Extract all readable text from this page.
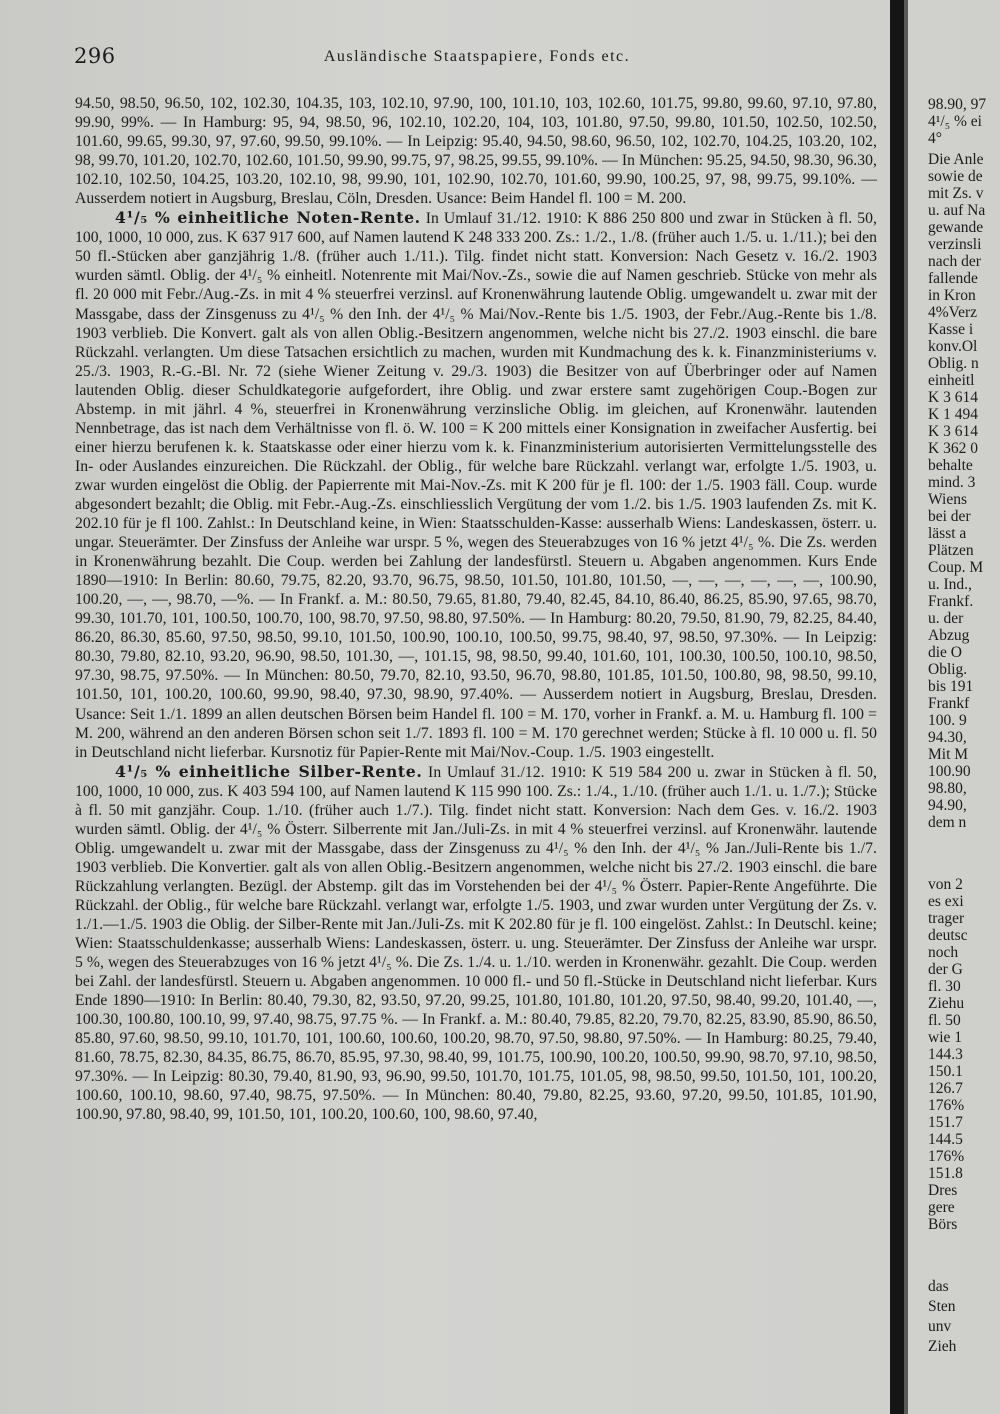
296	Ausländische Staatspapiere, Fonds etc.

94.50, 98.50, 96.50, 102, 102.30, 104.35, 103, 102.10, 97.90, 100, 101.10, 103, 102.60, 101.75, 99.80, 99.60, 97.10, 97.80, 99.90, 99%. — In Hamburg: 95, 94, 98.50, 96, 102.10, 102.20, 104, 103, 101.80, 97.50, 99.80, 101.50, 102.50, 102.50, 101.60, 99.65, 99.30, 97, 97.60, 99.50, 99.10%. — In Leipzig: 95.40, 94.50, 98.60, 96.50, 102, 102.70, 104.25, 103.20, 102, 98, 99.70, 101.20, 102.70, 102.60, 101.50, 99.90, 99.75, 97, 98.25, 99.55, 99.10%. — In München: 95.25, 94.50, 98.30, 96.30, 102.10, 102.50, 104.25, 103.20, 102.10, 98, 99.90, 101, 102.90, 102.70, 101.60, 99.90, 100.25, 97, 98, 99.75, 99.10%. — Ausserdem notiert in Augsburg, Breslau, Cöln, Dresden. Usance: Beim Handel fl. 100 = M. 200.

4¹/₅ % einheitliche Noten-Rente. In Umlauf 31./12. 1910: K 886 250 800 und zwar in Stücken à fl. 50, 100, 1000, 10 000, zus. K 637 917 600, auf Namen lautend K 248 333 200. Zs.: 1./2., 1./8. (früher auch 1./5. u. 1./11.); bei den 50 fl.-Stücken aber ganzjährig 1./8. (früher auch 1./11.). Tilg. findet nicht statt. Konversion: Nach Gesetz v. 16./2. 1903 wurden sämtl. Oblig. der 4¹/₅ % einheitl. Notenrente mit Mai/Nov.-Zs., sowie die auf Namen geschrieb. Stücke von mehr als fl. 20 000 mit Febr./Aug.-Zs. in mit 4 % steuerfrei verzinsl. auf Kronenwährung lautende Oblig. umgewandelt u. zwar mit der Massgabe, dass der Zinsgenuss zu 4¹/₅ % den Inh. der 4¹/₅ % Mai/Nov.-Rente bis 1./5. 1903, der Febr./Aug.-Rente bis 1./8. 1903 verblieb. Die Konvert. galt als von allen Oblig.-Besitzern angenommen, welche nicht bis 27./2. 1903 einschl. die bare Rückzahl. verlangten. Um diese Tatsachen ersichtlich zu machen, wurden mit Kundmachung des k. k. Finanzministeriums v. 25./3. 1903, R.-G.-Bl. Nr. 72 (siehe Wiener Zeitung v. 29./3. 1903) die Besitzer von auf Überbringer oder auf Namen lautenden Oblig. dieser Schuldkategorie aufgefordert, ihre Oblig. und zwar erstere samt zugehörigen Coup.-Bogen zur Abstemp. in mit jährl. 4 %, steuerfrei in Kronenwährung verzinsliche Oblig. im gleichen, auf Kronenwähr. lautenden Nennbetrage, das ist nach dem Verhältnisse von fl. ö. W. 100 = K 200 mittels einer Konsignation in zweifacher Ausfertig. bei einer hierzu berufenen k. k. Staatskasse oder einer hierzu vom k. k. Finanzministerium autorisierten Vermittelungsstelle des In- oder Auslandes einzureichen. Die Rückzahl. der Oblig., für welche bare Rückzahl. verlangt war, erfolgte 1./5. 1903, u. zwar wurden eingelöst die Oblig. der Papierrente mit Mai-Nov.-Zs. mit K 200 für je fl. 100: der 1./5. 1903 fäll. Coup. wurde abgesondert bezahlt; die Oblig. mit Febr.-Aug.-Zs. einschliesslich Vergütung der vom 1./2. bis 1./5. 1903 laufenden Zs. mit K. 202.10 für je fl 100. Zahlst.: In Deutschland keine, in Wien: Staatsschulden-Kasse: ausserhalb Wiens: Landeskassen, österr. u. ungar. Steuerämter. Der Zinsfuss der Anleihe war urspr. 5 %, wegen des Steuerabzuges von 16 % jetzt 4¹/₅ %. Die Zs. werden in Kronenwährung bezahlt. Die Coup. werden bei Zahlung der landesfürstl. Steuern u. Abgaben angenommen. Kurs Ende 1890—1910: In Berlin: 80.60, 79.75, 82.20, 93.70, 96.75, 98.50, 101.50, 101.80, 101.50, —, —, —, —, —, —, 100.90, 100.20, —, —, 98.70, —%. — In Frankf. a. M.: 80.50, 79.65, 81.80, 79.40, 82.45, 84.10, 86.40, 86.25, 85.90, 97.65, 98.70, 99.30, 101.70, 101, 100.50, 100.70, 100, 98.70, 97.50, 98.80, 97.50%. — In Hamburg: 80.20, 79.50, 81.90, 79, 82.25, 84.40, 86.20, 86.30, 85.60, 97.50, 98.50, 99.10, 101.50, 100.90, 100.10, 100.50, 99.75, 98.40, 97, 98.50, 97.30%. — In Leipzig: 80.30, 79.80, 82.10, 93.20, 96.90, 98.50, 101.30, —, 101.15, 98, 98.50, 99.40, 101.60, 101, 100.30, 100.50, 100.10, 98.50, 97.30, 98.75, 97.50%. — In München: 80.50, 79.70, 82.10, 93.50, 96.70, 98.80, 101.85, 101.50, 100.80, 98, 98.50, 99.10, 101.50, 101, 100.20, 100.60, 99.90, 98.40, 97.30, 98.90, 97.40%. — Ausserdem notiert in Augsburg, Breslau, Dresden. Usance: Seit 1./1. 1899 an allen deutschen Börsen beim Handel fl. 100 = M. 170, vorher in Frankf. a. M. u. Hamburg fl. 100 = M. 200, während an den anderen Börsen schon seit 1./7. 1893 fl. 100 = M. 170 gerechnet werden; Stücke à fl. 10 000 u. fl. 50 in Deutschland nicht lieferbar. Kursnotiz für Papier-Rente mit Mai/Nov.-Coup. 1./5. 1903 eingestellt.

4¹/₅ % einheitliche Silber-Rente. In Umlauf 31./12. 1910: K 519 584 200 u. zwar in Stücken à fl. 50, 100, 1000, 10 000, zus. K 403 594 100, auf Namen lautend K 115 990 100. Zs.: 1./4., 1./10. (früher auch 1./1. u. 1./7.); Stücke à fl. 50 mit ganzjähr. Coup. 1./10. (früher auch 1./7.). Tilg. findet nicht statt. Konversion: Nach dem Ges. v. 16./2. 1903 wurden sämtl. Oblig. der 4¹/₅ % Österr. Silberrente mit Jan./Juli-Zs. in mit 4 % steuerfrei verzinsl. auf Kronenwähr. lautende Oblig. umgewandelt u. zwar mit der Massgabe, dass der Zinsgenuss zu 4¹/₅ % den Inh. der 4¹/₅ % Jan./Juli-Rente bis 1./7. 1903 verblieb. Die Konvertier. galt als von allen Oblig.-Besitzern angenommen, welche nicht bis 27./2. 1903 einschl. die bare Rückzahlung verlangten. Bezügl. der Abstemp. gilt das im Vorstehenden bei der 4¹/₅ % Österr. Papier-Rente Angeführte. Die Rückzahl. der Oblig., für welche bare Rückzahl. verlangt war, erfolgte 1./5. 1903, und zwar wurden unter Vergütung der Zs. v. 1./1.—1./5. 1903 die Oblig. der Silber-Rente mit Jan./Juli-Zs. mit K 202.80 für je fl. 100 eingelöst. Zahlst.: In Deutschl. keine; Wien: Staatsschuldenkasse; ausserhalb Wiens: Landeskassen, österr. u. ung. Steuerämter. Der Zinsfuss der Anleihe war urspr. 5 %, wegen des Steuerabzuges von 16 % jetzt 4¹/₅ %. Die Zs. 1./4. u. 1./10. werden in Kronenwähr. gezahlt. Die Coup. werden bei Zahl. der landesfürstl. Steuern u. Abgaben angenommen. 10 000 fl.- und 50 fl.-Stücke in Deutschland nicht lieferbar. Kurs Ende 1890—1910: In Berlin: 80.40, 79.30, 82, 93.50, 97.20, 99.25, 101.80, 101.80, 101.20, 97.50, 98.40, 99.20, 101.40, —, 100.30, 100.80, 100.10, 99, 97.40, 98.75, 97.75 %. — In Frankf. a. M.: 80.40, 79.85, 82.20, 79.70, 82.25, 83.90, 85.90, 86.50, 85.80, 97.60, 98.50, 99.10, 101.70, 101, 100.60, 100.60, 100.20, 98.70, 97.50, 98.80, 97.50%. — In Hamburg: 80.25, 79.40, 81.60, 78.75, 82.30, 84.35, 86.75, 86.70, 85.95, 97.30, 98.40, 99, 101.75, 100.90, 100.20, 100.50, 99.90, 98.70, 97.10, 98.50, 97.30%. — In Leipzig: 80.30, 79.40, 81.90, 93, 96.90, 99.50, 101.70, 101.75, 101.05, 98, 98.50, 99.50, 101.50, 101, 100.20, 100.60, 100.10, 98.60, 97.40, 98.75, 97.50%. — In München: 80.40, 79.80, 82.25, 93.60, 97.20, 99.50, 101.85, 101.90, 100.90, 97.80, 98.40, 99, 101.50, 101, 100.20, 100.60, 100, 98.60, 97.40,

98.90, 97
4¹/₅ % ei
4°
Die Anle
sowie de
mit Zs. v
u. auf Na
gewande
verzinsli
nach der
fallende
in Kron
4%Verz
Kasse i
konv.Ol
Oblig. n
einheitl
K 3 614
K 1 494
K 3 614
K 362 0
behalte
mind. 3
Wiens
bei der
lässt a
Plätzen
Coup. M
u. Ind.,
Frankf.
u. der
Abzug
die O
Oblig.
bis 191
Frankf
100. 9
94.30,
Mit M
100.90
98.80,
94.90,
dem n
von 2
es exi
trager
deutsc
noch
der G
fl. 30
Ziehu
fl. 50
wie 1
144.3
150.1
126.7
176%
151.7
144.5
176%
151.8
Dres
gere
Börs
das
Sten
unv
Zieh
